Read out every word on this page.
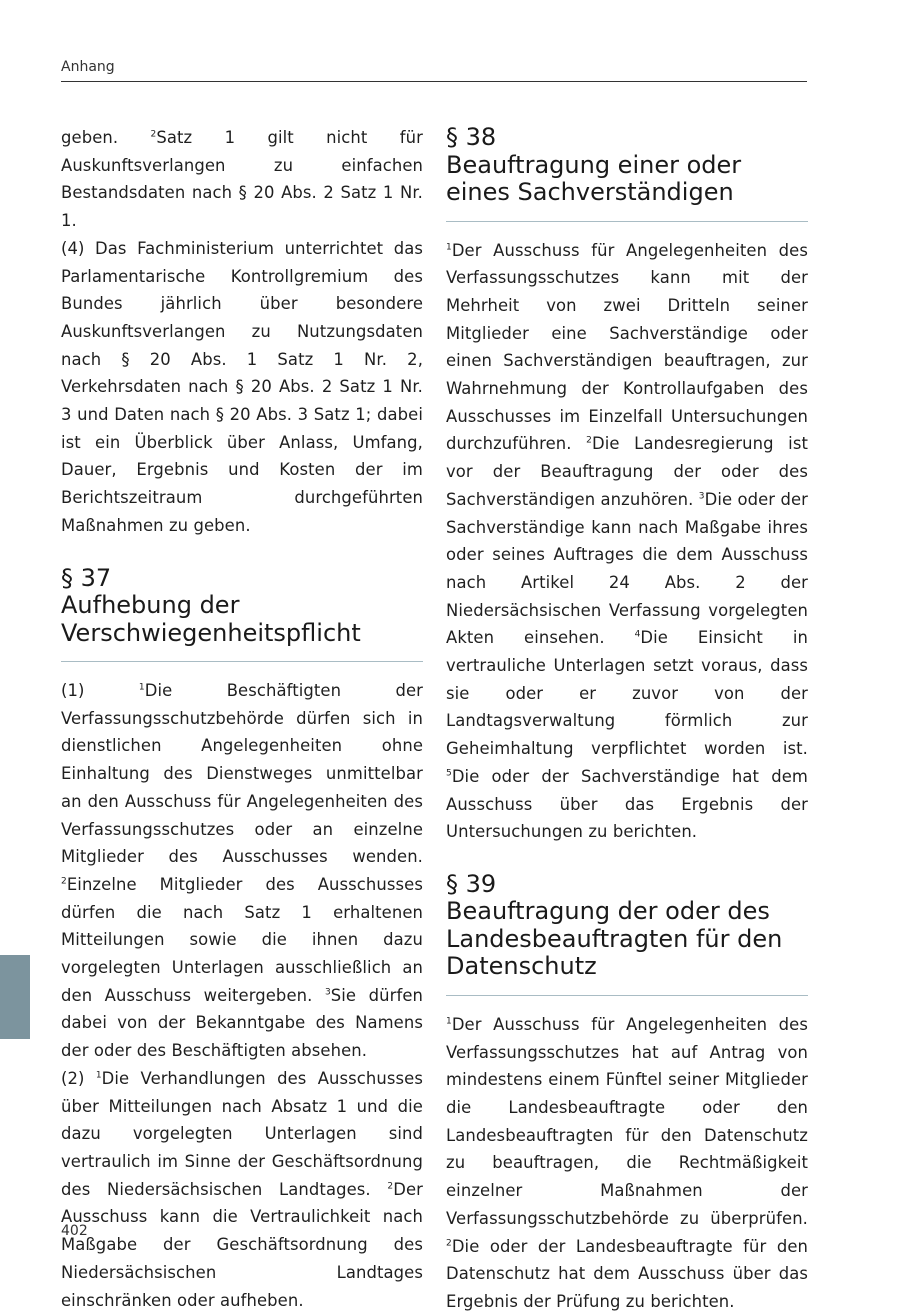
Anhang

geben. $^2$Satz 1 gilt nicht für Auskunftsverlangen zu einfachen Bestandsdaten nach § 20 Abs. 2 Satz 1 Nr. 1.

(4) Das Fachministerium unterrichtet das Parlamentarische Kontrollgremium des Bundes jährlich über besondere Auskunftsverlangen zu Nutzungsdaten nach § 20 Abs. 1 Satz 1 Nr. 2, Verkehrsdaten nach § 20 Abs. 2 Satz 1 Nr. 3 und Daten nach § 20 Abs. 3 Satz 1; dabei ist ein Überblick über Anlass, Umfang, Dauer, Ergebnis und Kosten der im Berichtszeitraum durchgeführten Maßnahmen zu geben.

§ 37
Aufhebung der
Verschwiegenheitspflicht

(1) $^1$Die Beschäftigten der Verfassungsschutzbehörde dürfen sich in dienstlichen Angelegenheiten ohne Einhaltung des Dienstweges unmittelbar an den Ausschuss für Angelegenheiten des Verfassungsschutzes oder an einzelne Mitglieder des Ausschusses wenden. $^2$Einzelne Mitglieder des Ausschusses dürfen die nach Satz 1 erhaltenen Mitteilungen sowie die ihnen dazu vorgelegten Unterlagen ausschließlich an den Ausschuss weitergeben. $^3$Sie dürfen dabei von der Bekanntgabe des Namens der oder des Beschäftigten absehen.

(2) $^1$Die Verhandlungen des Ausschusses über Mitteilungen nach Absatz 1 und die dazu vorgelegten Unterlagen sind vertraulich im Sinne der Geschäftsordnung des Niedersächsischen Landtages. $^2$Der Ausschuss kann die Vertraulichkeit nach Maßgabe der Geschäftsordnung des Niedersächsischen Landtages einschränken oder aufheben.

§ 38
Beauftragung einer oder
eines Sachverständigen

$^1$Der Ausschuss für Angelegenheiten des Verfassungsschutzes kann mit der Mehrheit von zwei Dritteln seiner Mitglieder eine Sachverständige oder einen Sachverständigen beauftragen, zur Wahrnehmung der Kontrollaufgaben des Ausschusses im Einzelfall Untersuchungen durchzuführen. $^2$Die Landesregierung ist vor der Beauftragung der oder des Sachverständigen anzuhören. $^3$Die oder der Sachverständige kann nach Maßgabe ihres oder seines Auftrages die dem Ausschuss nach Artikel 24 Abs. 2 der Niedersächsischen Verfassung vorgelegten Akten einsehen. $^4$Die Einsicht in vertrauliche Unterlagen setzt voraus, dass sie oder er zuvor von der Landtagsverwaltung förmlich zur Geheimhaltung verpflichtet worden ist. $^5$Die oder der Sachverständige hat dem Ausschuss über das Ergebnis der Untersuchungen zu berichten.

§ 39
Beauftragung der oder des
Landesbeauftragten für den
Datenschutz

$^1$Der Ausschuss für Angelegenheiten des Verfassungsschutzes hat auf Antrag von mindestens einem Fünftel seiner Mitglieder die Landesbeauftragte oder den Landesbeauftragten für den Datenschutz zu beauftragen, die Rechtmäßigkeit einzelner Maßnahmen der Verfassungsschutzbehörde zu überprüfen. $^2$Die oder der Landesbeauftragte für den Datenschutz hat dem Ausschuss über das Ergebnis der Prüfung zu berichten.

402
